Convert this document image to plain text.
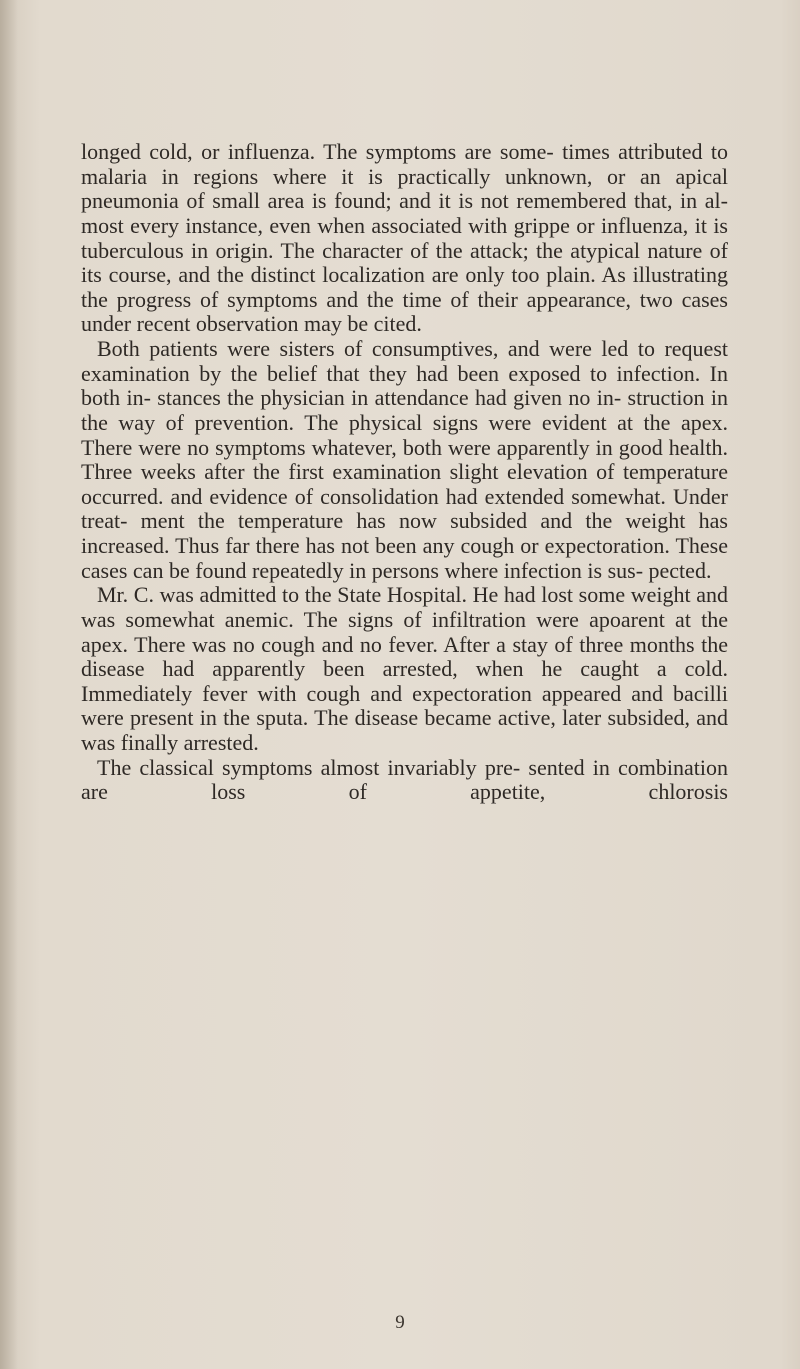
longed cold, or influenza. The symptoms are some- times attributed to malaria in regions where it is practically unknown, or an apical pneumonia of small area is found; and it is not remembered that, in al- most every instance, even when associated with grippe or influenza, it is tuberculous in origin. The character of the attack; the atypical nature of its course, and the distinct localization are only too plain. As illustrating the progress of symptoms and the time of their appearance, two cases under recent observation may be cited.

Both patients were sisters of consumptives, and were led to request examination by the belief that they had been exposed to infection. In both in- stances the physician in attendance had given no in- struction in the way of prevention. The physical signs were evident at the apex. There were no symptoms whatever, both were apparently in good health. Three weeks after the first examination slight elevation of temperature occurred. and evidence of consolidation had extended somewhat. Under treat- ment the temperature has now subsided and the weight has increased. Thus far there has not been any cough or expectoration. These cases can be found repeatedly in persons where infection is sus- pected.

Mr. C. was admitted to the State Hospital. He had lost some weight and was somewhat anemic. The signs of infiltration were apoarent at the apex. There was no cough and no fever. After a stay of three months the disease had apparently been arrested, when he caught a cold. Immediately fever with cough and expectoration appeared and bacilli were present in the sputa. The disease became active, later subsided, and was finally arrested.

The classical symptoms almost invariably pre- sented in combination are loss of appetite, chlorosis

9
